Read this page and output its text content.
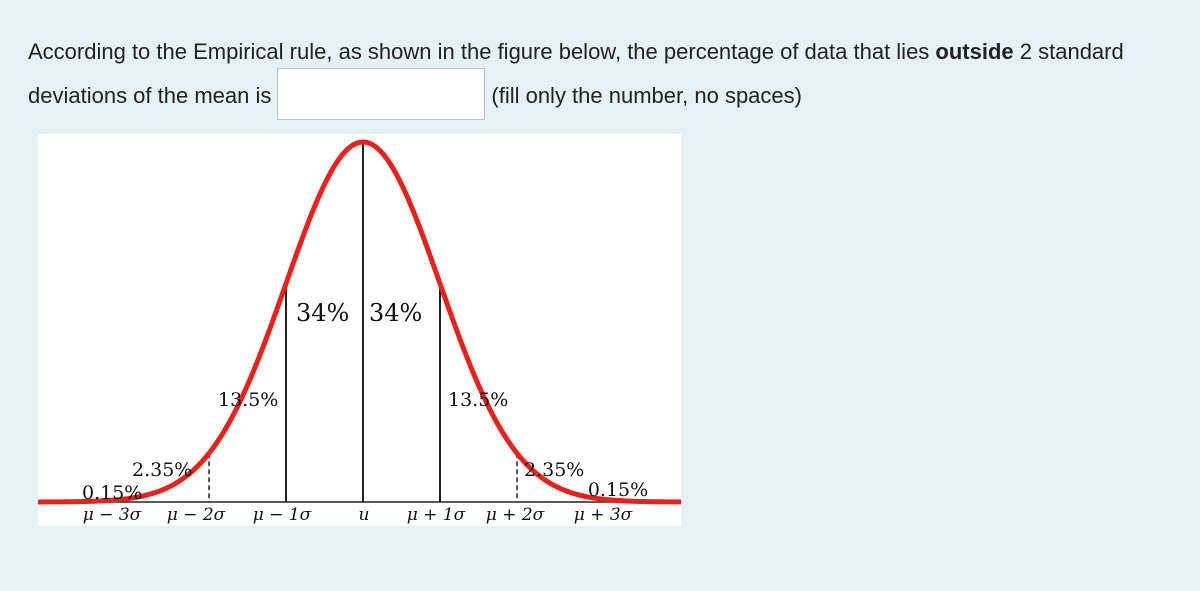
According to the Empirical rule, as shown in the figure below, the percentage of data that lies outside 2 standard
deviations of the mean is	(fill only the number, no spaces)
0.15%
2.35%
13.5%
34% 34%
13.5%
2.35%
0.15%
μ − 3σ μ − 2σ μ − 1σ	u μ + 1σ μ + 2σ μ + 3σ
